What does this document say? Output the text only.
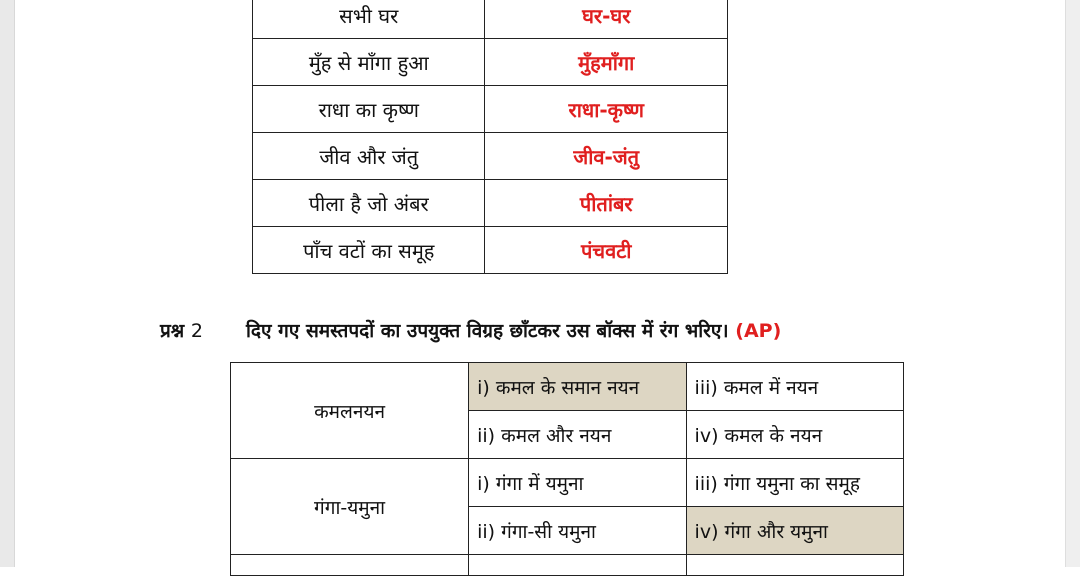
सभी घर	घर-घर
मुँह से माँगा हुआ	मुँहमाँगा
राधा का कृष्ण	राधा-कृष्ण
जीव और जंतु	जीव-जंतु
पीला है जो अंबर	पीतांबर
पाँच वटों का समूह	पंचवटी
प्रश्न 2 दिए गए समस्तपदों का उपयुक्त विग्रह छाँटकर उस बॉक्स में रंग भरिए। (AP)
कमलनयन	i) कमल के समान नयन	iii) कमल में नयन
	ii) कमल और नयन	iv) कमल के नयन
गंगा-यमुना	i) गंगा में यमुना	iii) गंगा यमुना का समूह
	ii) गंगा-सी यमुना	iv) गंगा और यमुना
